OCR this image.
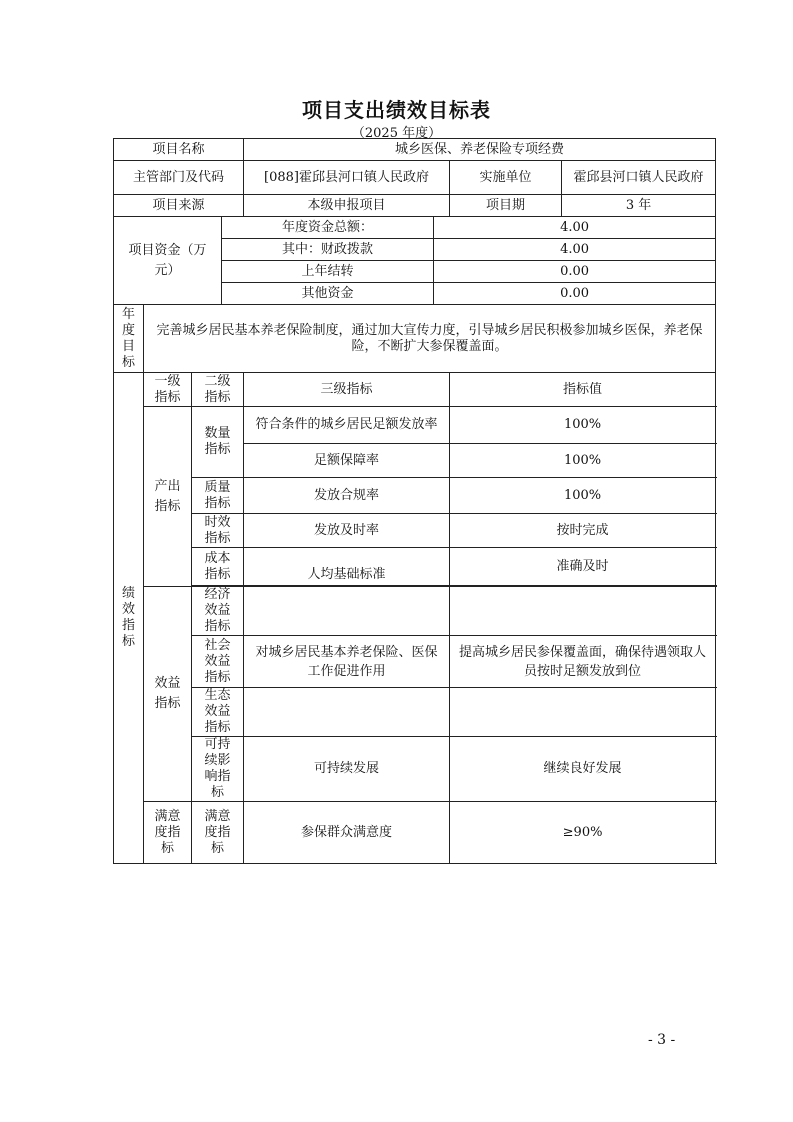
项目支出绩效目标表
（2025 年度）
项目名称				城乡医保、养老保险专项经费			
主管部门及代码				[088]霍邱县河口镇人民政府		实施单位	霍邱县河口镇人民政府
项目来源				本级申报项目		项目期	3 年
项目资金（万元）			年度资金总额：		4.00		
			其中：财政拨款		4.00		
			上年结转		0.00		
			其他资金		0.00		
年度目标	完善城乡居民基本养老保险制度，通过加大宣传力度，引导城乡居民积极参加城乡医保，养老保险，不断扩大参保覆盖面。						
绩效指标	一级指标	二级指标		三级指标		指标值	
	产出指标	数量指标		符合条件的城乡居民足额发放率		100%	
				足额保障率		100%	
		质量指标		发放合规率		100%	
		时效指标		发放及时率		按时完成	
		成本指标		人均基础标准		准确及时	

	效益指标	经济效益指标					
		社会效益指标		对城乡居民基本养老保险、医保工作促进作用		提高城乡居民参保覆盖面，确保待遇领取人员按时足额发放到位	
		生态效益指标					
		可持续影响指标		可持续发展		继续良好发展	
	满意度指标	满意度指标		参保群众满意度		≥90%	
- 3 -
